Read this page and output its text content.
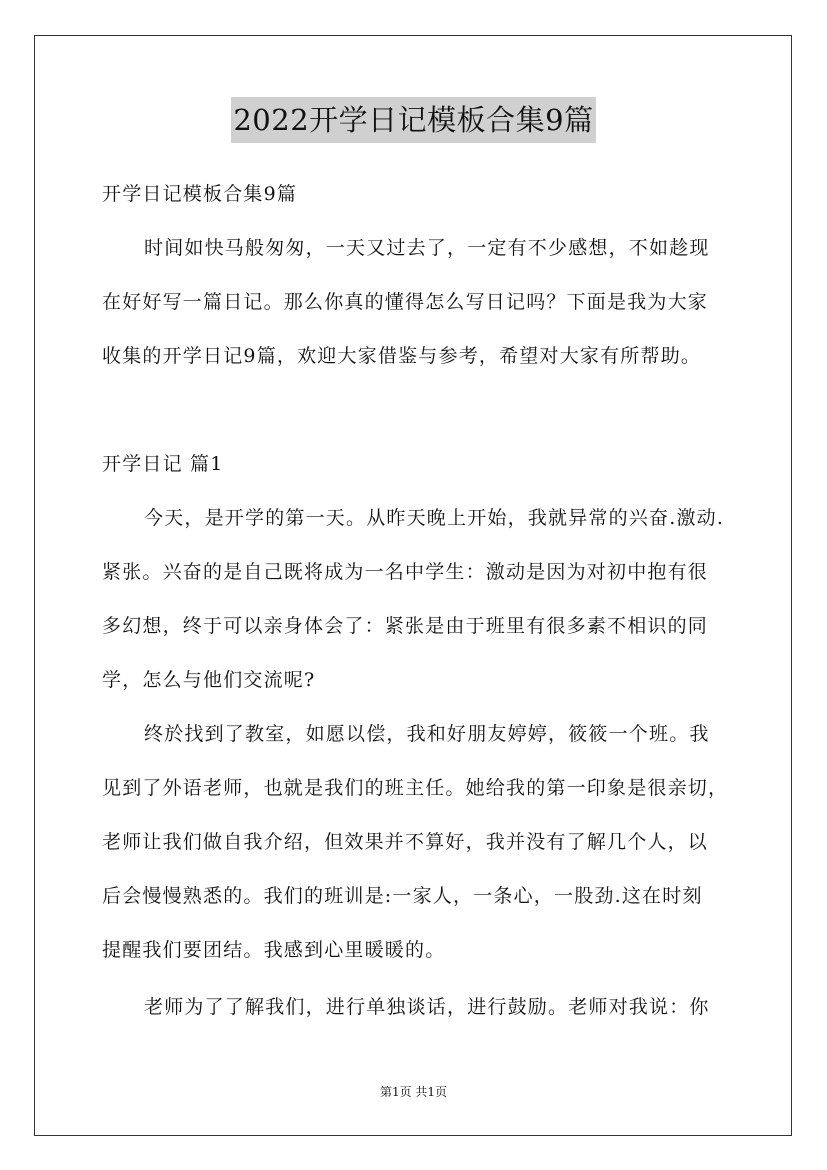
2022开学日记模板合集9篇
开学日记模板合集9篇
时间如快马般匆匆，一天又过去了，一定有不少感想，不如趁现
在好好写一篇日记。那么你真的懂得怎么写日记吗？下面是我为大家
收集的开学日记9篇，欢迎大家借鉴与参考，希望对大家有所帮助。
开学日记 篇1
今天，是开学的第一天。从昨天晚上开始，我就异常的兴奋.激动.
紧张。兴奋的是自己既将成为一名中学生：激动是因为对初中抱有很
多幻想，终于可以亲身体会了：紧张是由于班里有很多素不相识的同
学，怎么与他们交流呢?
终於找到了教室，如愿以偿，我和好朋友婷婷，筱筱一个班。我
见到了外语老师，也就是我们的班主任。她给我的第一印象是很亲切，
老师让我们做自我介绍，但效果并不算好，我并没有了解几个人，以
后会慢慢熟悉的。我们的班训是:一家人，一条心，一股劲.这在时刻
提醒我们要团结。我感到心里暖暖的。
老师为了了解我们，进行单独谈话，进行鼓励。老师对我说：你
第1页 共1页
